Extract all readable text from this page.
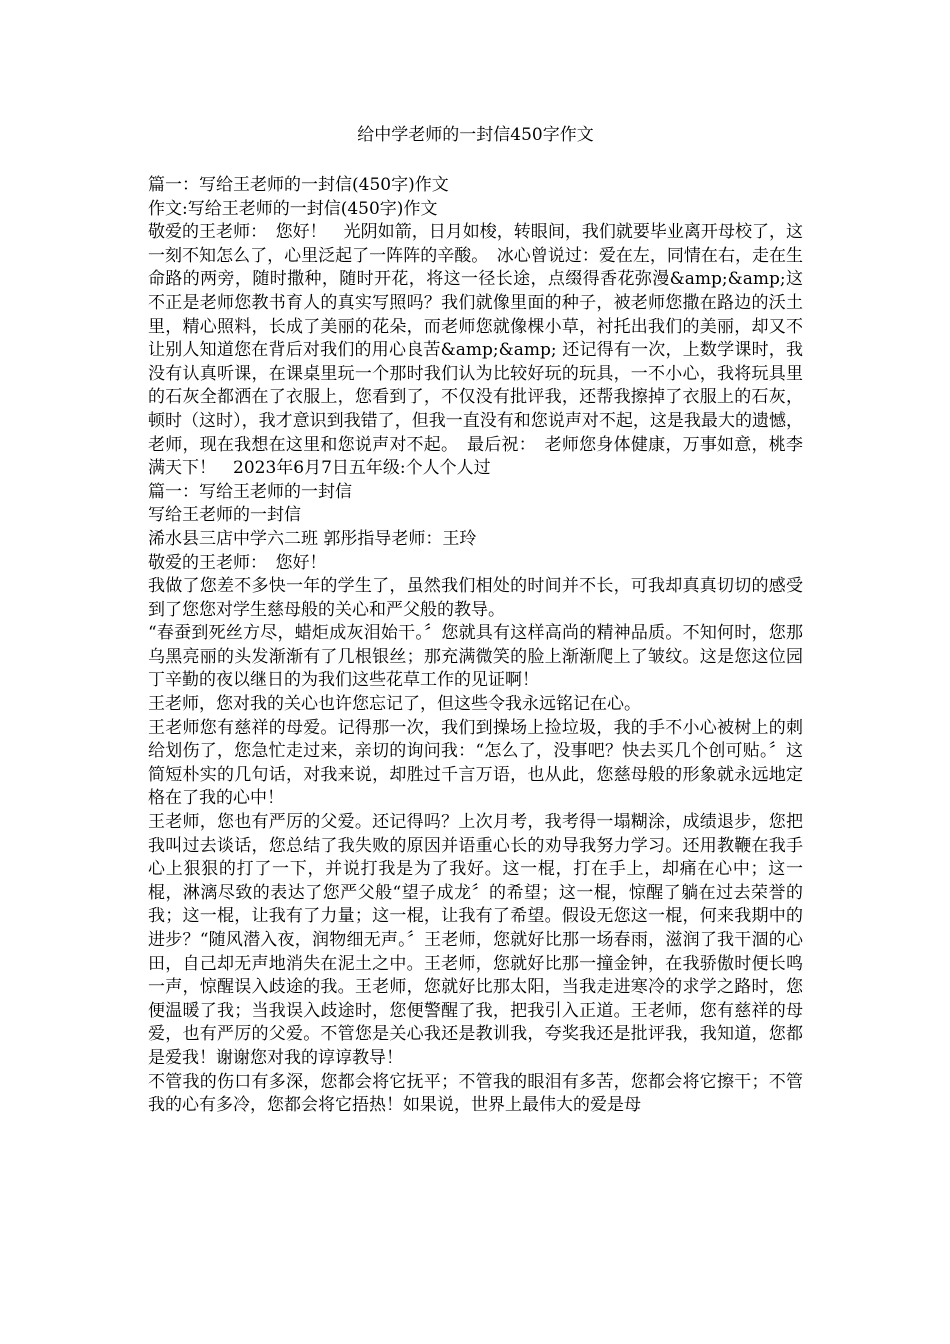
给中学老师的一封信450字作文

篇一：写给王老师的一封信(450字)作文

作文:写给王老师的一封信(450字)作文

敬爱的王老师：　您好！　光阴如箭，日月如梭，转眼间，我们就要毕业离开母校了，这一刻不知怎么了，心里泛起了一阵阵的辛酸。　冰心曾说过：爱在左，同情在右，走在生命路的两旁，随时撒种，随时开花，将这一径长途，点缀得香花弥漫&amp;&amp;这不正是老师您教书育人的真实写照吗？我们就像里面的种子，被老师您撒在路边的沃土里，精心照料，长成了美丽的花朵，而老师您就像棵小草，衬托出我们的美丽，却又不让别人知道您在背后对我们的用心良苦&amp;&amp; 还记得有一次，上数学课时，我没有认真听课，在课桌里玩一个那时我们认为比较好玩的玩具，一不小心，我将玩具里的石灰全都洒在了衣服上，您看到了，不仅没有批评我，还帮我擦掉了衣服上的石灰，顿时（这时），我才意识到我错了，但我一直没有和您说声对不起，这是我最大的遗憾，老师，现在我想在这里和您说声对不起。　最后祝：　老师您身体健康，万事如意，桃李满天下！　2023年6月7日五年级:个人个人过

篇一：写给王老师的一封信

写给王老师的一封信

浠水县三店中学六二班 郭彤指导老师：王玲

敬爱的王老师：　您好！

我做了您差不多快一年的学生了，虽然我们相处的时间并不长，可我却真真切切的感受到了您您对学生慈母般的关心和严父般的教导。

“春蚕到死丝方尽，蜡炬成灰泪始干。〞您就具有这样高尚的精神品质。不知何时，您那乌黑亮丽的头发渐渐有了几根银丝；那充满微笑的脸上渐渐爬上了皱纹。这是您这位园丁辛勤的夜以继日的为我们这些花草工作的见证啊！

王老师，您对我的关心也许您忘记了，但这些令我永远铭记在心。

王老师您有慈祥的母爱。记得那一次，我们到操场上捡垃圾，我的手不小心被树上的刺给划伤了，您急忙走过来，亲切的询问我：“怎么了，没事吧？快去买几个创可贴。〞这简短朴实的几句话，对我来说，却胜过千言万语，也从此，您慈母般的形象就永远地定格在了我的心中！

王老师，您也有严厉的父爱。还记得吗？上次月考，我考得一塌糊涂，成绩退步，您把我叫过去谈话，您总结了我失败的原因并语重心长的劝导我努力学习。还用教鞭在我手心上狠狠的打了一下，并说打我是为了我好。这一棍，打在手上，却痛在心中；这一棍，淋漓尽致的表达了您严父般“望子成龙〞的希望；这一棍，惊醒了躺在过去荣誉的我；这一棍，让我有了力量；这一棍，让我有了希望。假设无您这一棍，何来我期中的进步？“随风潜入夜，润物细无声。〞王老师，您就好比那一场春雨，滋润了我干涸的心田，自己却无声地消失在泥土之中。王老师，您就好比那一撞金钟，在我骄傲时便长鸣一声，惊醒误入歧途的我。王老师，您就好比那太阳，当我走进寒冷的求学之路时，您便温暖了我；当我误入歧途时，您便警醒了我，把我引入正道。王老师，您有慈祥的母爱，也有严厉的父爱。不管您是关心我还是教训我，夸奖我还是批评我，我知道，您都是爱我！谢谢您对我的谆谆教导！

不管我的伤口有多深，您都会将它抚平；不管我的眼泪有多苦，您都会将它擦干；不管我的心有多冷，您都会将它捂热！如果说，世界上最伟大的爱是母
